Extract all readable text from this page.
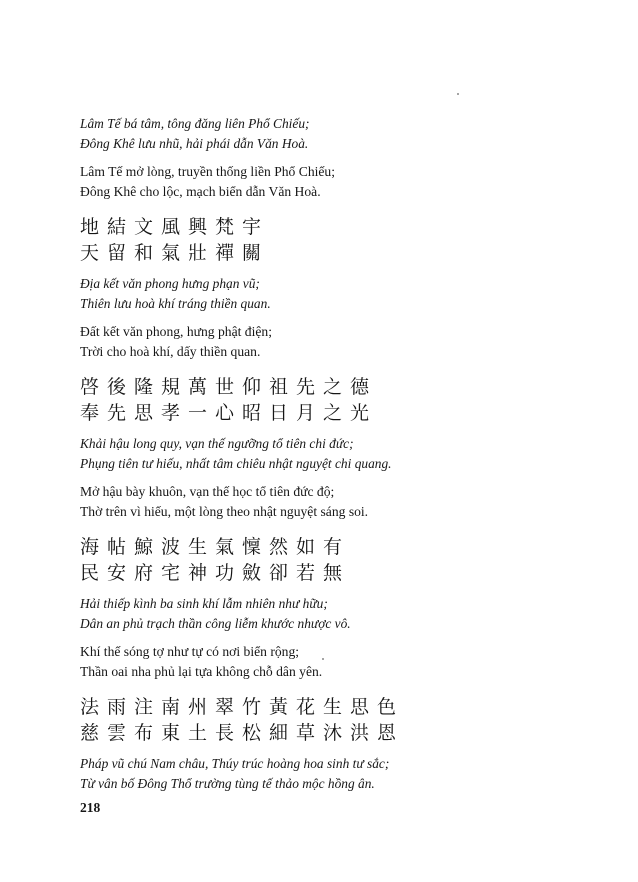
Lâm Tế bá tâm, tông đăng liên Phổ Chiếu;
Đông Khê lưu nhũ, hải phái dẫn Văn Hoà.
Lâm Tế mở lòng, truyền thống liền Phổ Chiếu;
Đông Khê cho lộc, mạch biển dẫn Văn Hoà.
地結文風興梵宇
天留和氣壯禪關
Địa kết văn phong hưng phạn vũ;
Thiên lưu hoà khí tráng thiền quan.
Đất kết văn phong, hưng phật điện;
Trời cho hoà khí, dấy thiền quan.
啓後隆規萬世仰祖先之德
奉先思孝一心昭日月之光
Khải hậu long quy, vạn thế ngưỡng tổ tiên chi đức;
Phụng tiên tư hiếu, nhất tâm chiêu nhật nguyệt chi quang.
Mở hậu bày khuôn, vạn thế học tổ tiên đức độ;
Thờ trên vì hiếu, một lòng theo nhật nguyệt sáng soi.
海帖鯨波生氣懍然如有
民安府宅神功斂卻若無
Hải thiếp kình ba sinh khí lẫm nhiên như hữu;
Dân an phủ trạch thần công liễm khước nhược vô.
Khí thế sóng tợ như tự có nơi biển rộng;
Thần oai nha phủ lại tựa không chỗ dân yên.
法雨注南州翠竹黃花生思色
慈雲布東土長松細草沐洪恩
Pháp vũ chú Nam châu, Thúy trúc hoàng hoa sinh tư sắc;
Từ vân bố Đông Thổ trường tùng tế thảo mộc hồng ân.
218
